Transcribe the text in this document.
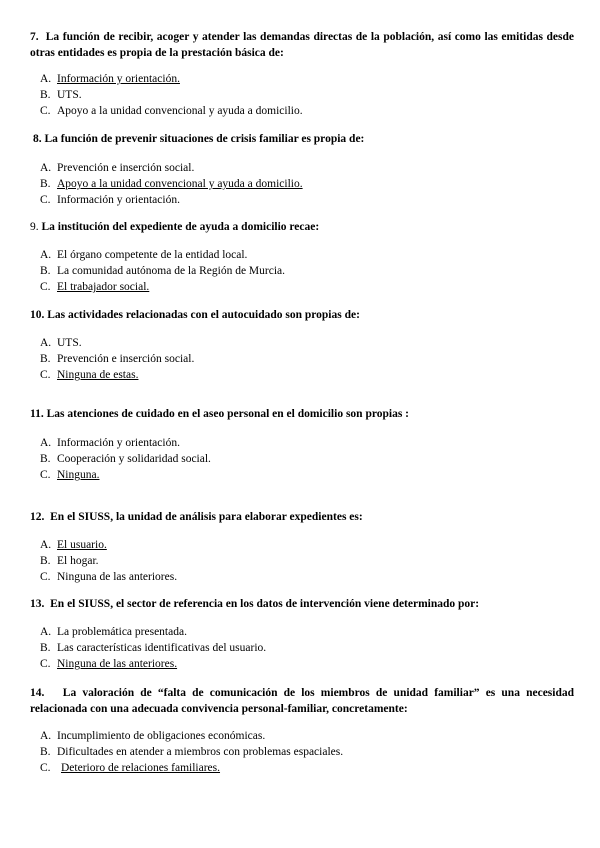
7. La función de recibir, acoger y atender las demandas directas de la población, así como las emitidas desde otras entidades es propia de la prestación básica de:

A. Información y orientación.
B. UTS.
C. Apoyo a la unidad convencional y ayuda a domicilio.

8. La función de prevenir situaciones de crisis familiar es propia de:

A. Prevención e inserción social.
B. Apoyo a la unidad convencional y ayuda a domicilio.
C. Información y orientación.

9. La institución del expediente de ayuda a domicilio recae:

A. El órgano competente de la entidad local.
B. La comunidad autónoma de la Región de Murcia.
C. El trabajador social.

10. Las actividades relacionadas con el autocuidado son propias de:

A. UTS.
B. Prevención e inserción social.
C. Ninguna de estas.

11. Las atenciones de cuidado en el aseo personal en el domicilio son propias :

A. Información y orientación.
B. Cooperación y solidaridad social.
C. Ninguna.

12. En el SIUSS, la unidad de análisis para elaborar expedientes es:

A. El usuario.
B. El hogar.
C. Ninguna de las anteriores.

13. En el SIUSS, el sector de referencia en los datos de intervención viene determinado por:

A. La problemática presentada.
B. Las características identificativas del usuario.
C. Ninguna de las anteriores.

14. La valoración de “falta de comunicación de los miembros de unidad familiar” es una necesidad relacionada con una adecuada convivencia personal-familiar, concretamente:

A. Incumplimiento de obligaciones económicas.
B. Dificultades en atender a miembros con problemas espaciales.
C. Deterioro de relaciones familiares.
